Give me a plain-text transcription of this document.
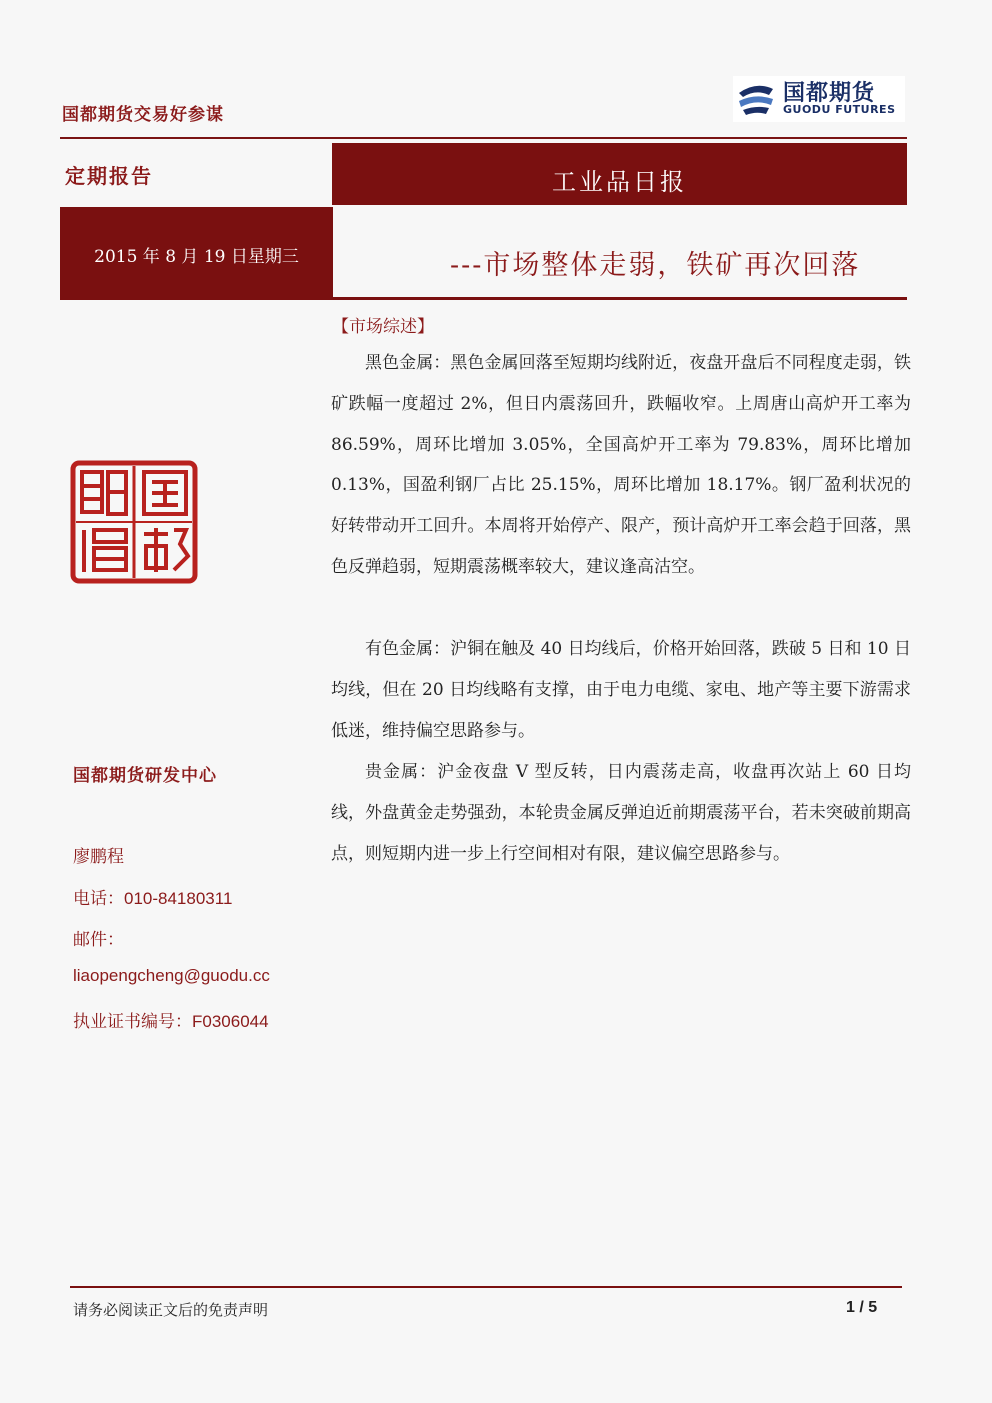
国都期货交易好参谋
国都期货
GUODU FUTURES
定期报告	工业品日报
2015 年 8 月 19 日星期三	---市场整体走弱，铁矿再次回落
国都期货研发中心
廖鹏程
电话：010-84180311
邮件：
liaopengcheng@guodu.cc
执业证书编号：F0306044
【市场综述】

黑色金属：黑色金属回落至短期均线附近，夜盘开盘后不同程度走弱，铁矿跌幅一度超过 2%，但日内震荡回升，跌幅收窄。上周唐山高炉开工率为 86.59%，周环比增加 3.05%，全国高炉开工率为 79.83%，周环比增加 0.13%，国盈利钢厂占比 25.15%，周环比增加 18.17%。钢厂盈利状况的好转带动开工回升。本周将开始停产、限产，预计高炉开工率会趋于回落，黑色反弹趋弱，短期震荡概率较大，建议逢高沽空。

有色金属：沪铜在触及 40 日均线后，价格开始回落，跌破 5 日和 10 日均线，但在 20 日均线略有支撑，由于电力电缆、家电、地产等主要下游需求低迷，维持偏空思路参与。

贵金属：沪金夜盘 V 型反转，日内震荡走高，收盘再次站上 60 日均线，外盘黄金走势强劲，本轮贵金属反弹迫近前期震荡平台，若未突破前期高点，则短期内进一步上行空间相对有限，建议偏空思路参与。

请务必阅读正文后的免责声明	1 / 5
